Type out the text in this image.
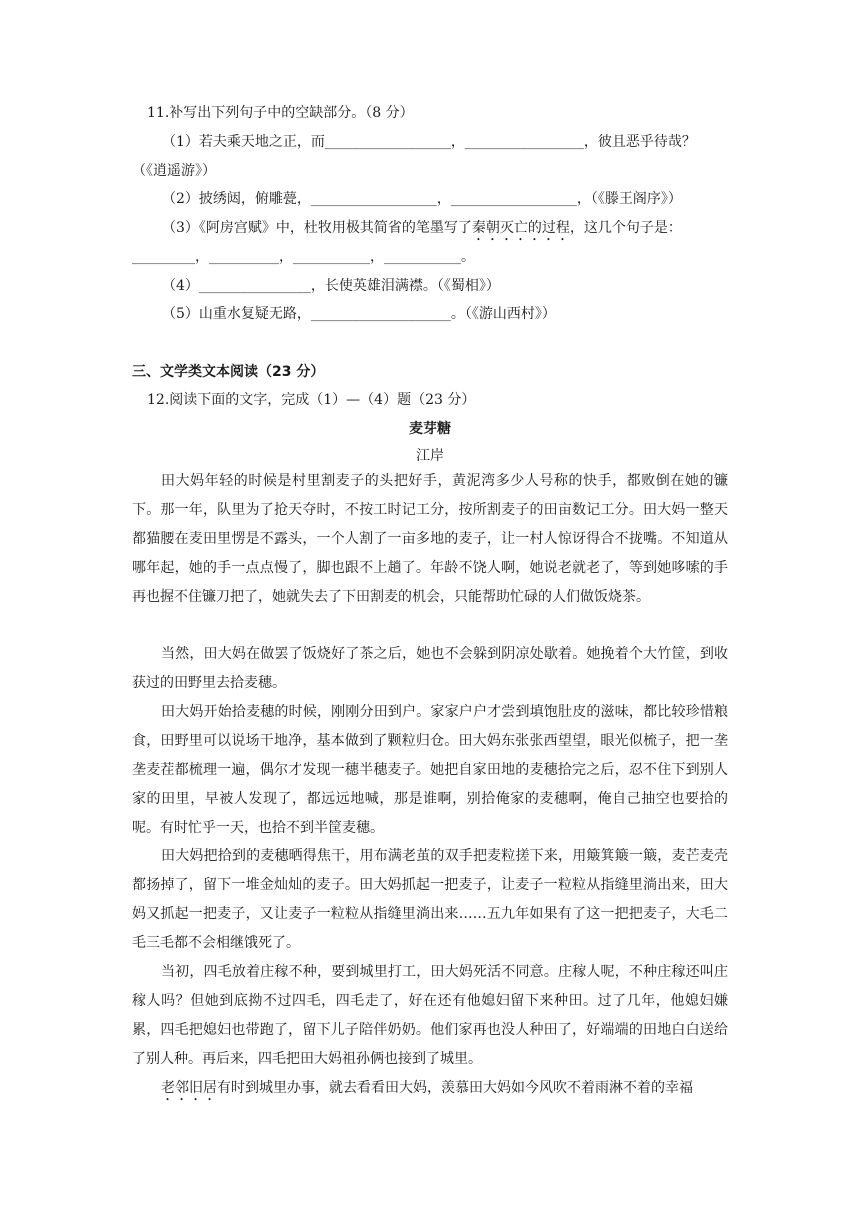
11.补写出下列句子中的空缺部分。（8 分）
（1）若夫乘天地之正，而__________________，_________________，彼且恶乎待哉？
（《逍遥游》）
（2）披绣闼，俯雕甍，__________________，__________________，（《滕王阁序》）
（3）《阿房宫赋》中，杜牧用极其简省的笔墨写了秦朝灭亡的过程，这几个句子是：
_________，__________，___________，___________。
（4）________________，长使英雄泪满襟。（《蜀相》）
（5）山重水复疑无路，____________________。（《游山西村》）
三、文学类文本阅读（23 分）
12.阅读下面的文字，完成（1）—（4）题（23 分）
麦芽糖
江岸
田大妈年轻的时候是村里割麦子的头把好手，黄泥湾多少人号称的快手，都败倒在她的镰下。那一年，队里为了抢天夺时，不按工时记工分，按所割麦子的田亩数记工分。田大妈一整天都猫腰在麦田里愣是不露头，一个人割了一亩多地的麦子，让一村人惊讶得合不拢嘴。不知道从哪年起，她的手一点点慢了，脚也跟不上趟了。年龄不饶人啊，她说老就老了，等到她哆嗦的手再也握不住镰刀把了，她就失去了下田割麦的机会，只能帮助忙碌的人们做饭烧茶。
当然，田大妈在做罢了饭烧好了茶之后，她也不会躲到阴凉处歇着。她挽着个大竹筐，到收获过的田野里去拾麦穗。
田大妈开始拾麦穗的时候，刚刚分田到户。家家户户才尝到填饱肚皮的滋味，都比较珍惜粮食，田野里可以说场干地净，基本做到了颗粒归仓。田大妈东张张西望望，眼光似梳子，把一垄垄麦茬都梳理一遍，偶尔才发现一穗半穗麦子。她把自家田地的麦穗拾完之后，忍不住下到别人家的田里，早被人发现了，都远远地喊，那是谁啊，别拾俺家的麦穗啊，俺自己抽空也要拾的呢。有时忙乎一天，也拾不到半筐麦穗。
田大妈把拾到的麦穗晒得焦干，用布满老茧的双手把麦粒搓下来，用簸箕簸一簸，麦芒麦壳都扬掉了，留下一堆金灿灿的麦子。田大妈抓起一把麦子，让麦子一粒粒从指缝里淌出来，田大妈又抓起一把麦子，又让麦子一粒粒从指缝里淌出来……五九年如果有了这一把把麦子，大毛二毛三毛都不会相继饿死了。
当初，四毛放着庄稼不种，要到城里打工，田大妈死活不同意。庄稼人呢，不种庄稼还叫庄稼人吗？但她到底拗不过四毛，四毛走了，好在还有他媳妇留下来种田。过了几年，他媳妇嫌累，四毛把媳妇也带跑了，留下儿子陪伴奶奶。他们家再也没人种田了，好端端的田地白白送给了别人种。再后来，四毛把田大妈祖孙俩也接到了城里。
老邻旧居有时到城里办事，就去看看田大妈，羡慕田大妈如今风吹不着雨淋不着的幸福
